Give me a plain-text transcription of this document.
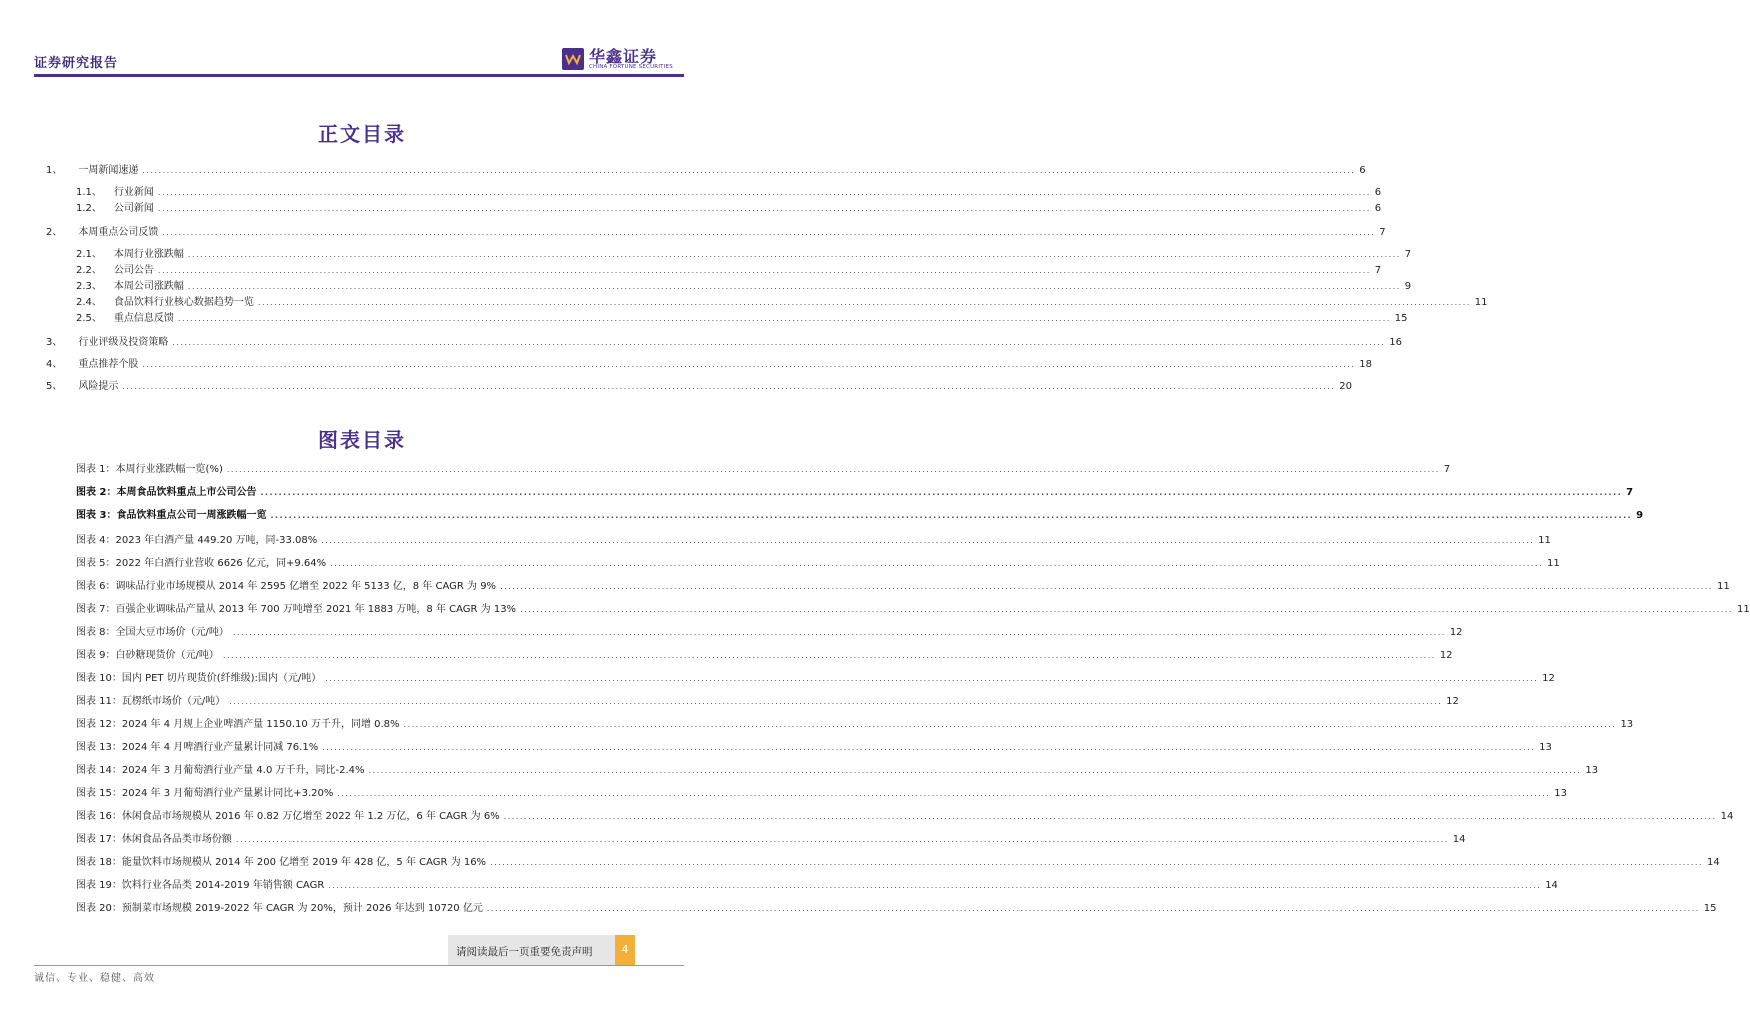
证券研究报告	华鑫证券
CHINA FORTUNE SECURITIES
正文目录
1、 一周新闻速递 ............................................................................................................................................................................................................................................................................................................ 6
1.1、 行业新闻 ............................................................................................................................................................................................................................................................................................................ 6
1.2、 公司新闻 ............................................................................................................................................................................................................................................................................................................ 6
2、 本周重点公司反馈 ............................................................................................................................................................................................................................................................................................................ 7
2.1、 本周行业涨跌幅 ............................................................................................................................................................................................................................................................................................................ 7
2.2、 公司公告 ............................................................................................................................................................................................................................................................................................................ 7
2.3、 本周公司涨跌幅 ............................................................................................................................................................................................................................................................................................................ 9
2.4、 食品饮料行业核心数据趋势一览 ............................................................................................................................................................................................................................................................................................................ 11
2.5、 重点信息反馈 ............................................................................................................................................................................................................................................................................................................ 15
3、 行业评级及投资策略 ............................................................................................................................................................................................................................................................................................................ 16
4、 重点推荐个股 ............................................................................................................................................................................................................................................................................................................ 18
5、 风险提示 ............................................................................................................................................................................................................................................................................................................ 20
图表目录
图表 1：本周行业涨跌幅一览(%) ............................................................................................................................................................................................................................................................................................................ 7
图表 2：本周食品饮料重点上市公司公告 ............................................................................................................................................................................................................................................................................................................ 7
图表 3：食品饮料重点公司一周涨跌幅一览 ............................................................................................................................................................................................................................................................................................................ 9
图表 4：2023 年白酒产量 449.20 万吨，同-33.08% ............................................................................................................................................................................................................................................................................................................ 11
图表 5：2022 年白酒行业营收 6626 亿元，同+9.64% ............................................................................................................................................................................................................................................................................................................ 11
图表 6：调味品行业市场规模从 2014 年 2595 亿增至 2022 年 5133 亿，8 年 CAGR 为 9% ............................................................................................................................................................................................................................................................................................................ 11
图表 7：百强企业调味品产量从 2013 年 700 万吨增至 2021 年 1883 万吨，8 年 CAGR 为 13% ............................................................................................................................................................................................................................................................................................................ 11
图表 8：全国大豆市场价（元/吨） ............................................................................................................................................................................................................................................................................................................ 12
图表 9：白砂糖现货价（元/吨） ............................................................................................................................................................................................................................................................................................................ 12
图表 10：国内 PET 切片现货价(纤维级):国内（元/吨） ............................................................................................................................................................................................................................................................................................................ 12
图表 11：瓦楞纸市场价（元/吨） ............................................................................................................................................................................................................................................................................................................ 12
图表 12：2024 年 4 月规上企业啤酒产量 1150.10 万千升，同增 0.8% ............................................................................................................................................................................................................................................................................................................ 13
图表 13：2024 年 4 月啤酒行业产量累计同减 76.1% ............................................................................................................................................................................................................................................................................................................ 13
图表 14：2024 年 3 月葡萄酒行业产量 4.0 万千升，同比-2.4% ............................................................................................................................................................................................................................................................................................................ 13
图表 15：2024 年 3 月葡萄酒行业产量累计同比+3.20% ............................................................................................................................................................................................................................................................................................................ 13
图表 16：休闲食品市场规模从 2016 年 0.82 万亿增至 2022 年 1.2 万亿，6 年 CAGR 为 6% ............................................................................................................................................................................................................................................................................................................ 14
图表 17：休闲食品各品类市场份额 ............................................................................................................................................................................................................................................................................................................ 14
图表 18：能量饮料市场规模从 2014 年 200 亿增至 2019 年 428 亿，5 年 CAGR 为 16% ............................................................................................................................................................................................................................................................................................................ 14
图表 19：饮料行业各品类 2014-2019 年销售额 CAGR ............................................................................................................................................................................................................................................................................................................ 14
图表 20：预制菜市场规模 2019-2022 年 CAGR 为 20%，预计 2026 年达到 10720 亿元 ............................................................................................................................................................................................................................................................................................................ 15
请阅读最后一页重要免责声明	4
诚信、专业、稳健、高效
